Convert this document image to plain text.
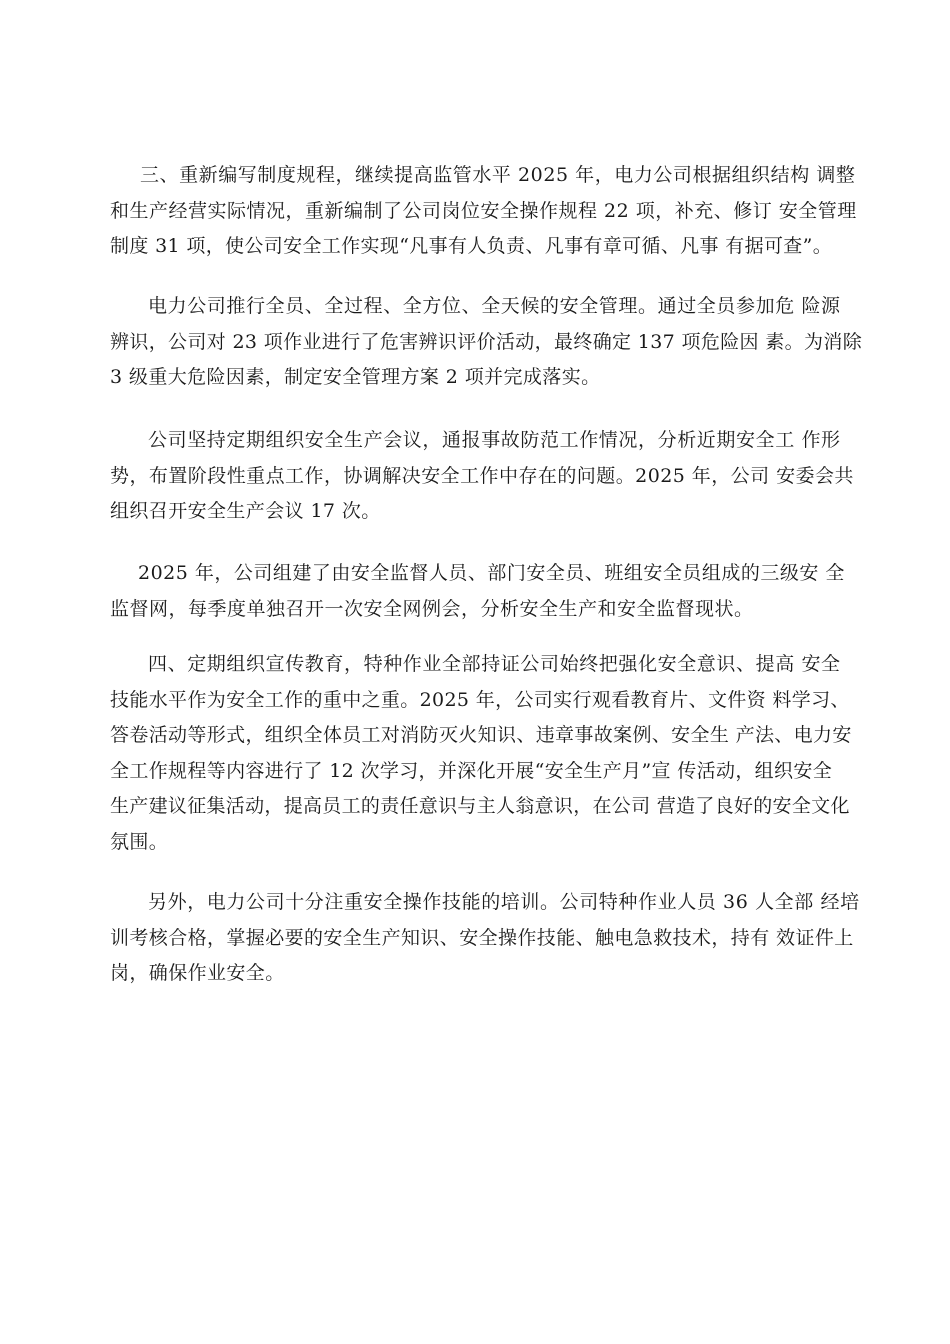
三、重新编写制度规程，继续提高监管水平 2025 年，电力公司根据组织结构 调整
和生产经营实际情况，重新编制了公司岗位安全操作规程 22 项，补充、修订 安全管理
制度 31 项，使公司安全工作实现“凡事有人负责、凡事有章可循、凡事 有据可查”。
电力公司推行全员、全过程、全方位、全天候的安全管理。通过全员参加危 险源
辨识，公司对 23 项作业进行了危害辨识评价活动，最终确定 137 项危险因 素。为消除
3 级重大危险因素，制定安全管理方案 2 项并完成落实。
公司坚持定期组织安全生产会议，通报事故防范工作情况，分析近期安全工 作形
势，布置阶段性重点工作，协调解决安全工作中存在的问题。2025 年，公司 安委会共
组织召开安全生产会议 17 次。
2025 年，公司组建了由安全监督人员、部门安全员、班组安全员组成的三级安 全
监督网，每季度单独召开一次安全网例会，分析安全生产和安全监督现状。
四、定期组织宣传教育，特种作业全部持证公司始终把强化安全意识、提高 安全
技能水平作为安全工作的重中之重。2025 年，公司实行观看教育片、文件资 料学习、
答卷活动等形式，组织全体员工对消防灭火知识、违章事故案例、安全生 产法、电力安
全工作规程等内容进行了 12 次学习，并深化开展“安全生产月”宣 传活动，组织安全
生产建议征集活动，提高员工的责任意识与主人翁意识，在公司 营造了良好的安全文化
氛围。
另外，电力公司十分注重安全操作技能的培训。公司特种作业人员 36 人全部 经培
训考核合格，掌握必要的安全生产知识、安全操作技能、触电急救技术，持有 效证件上
岗，确保作业安全。
